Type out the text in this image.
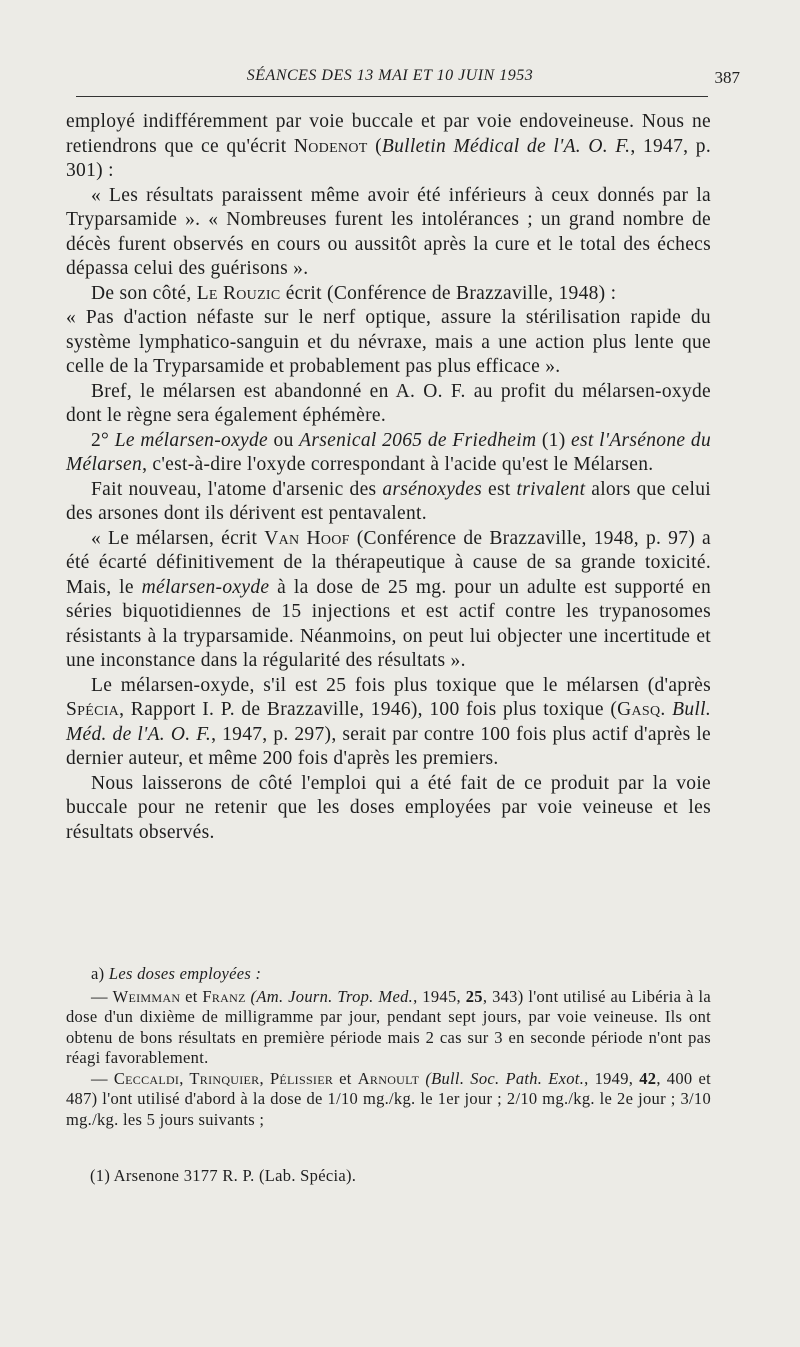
SÉANCES DES 13 MAI ET 10 JUIN 1953	387

employé indifféremment par voie buccale et par voie endoveineuse. Nous ne retiendrons que ce qu'écrit Nodenot (Bulletin Médical de l'A. O. F., 1947, p. 301) :

« Les résultats paraissent même avoir été inférieurs à ceux donnés par la Tryparsamide ». « Nombreuses furent les intolérances ; un grand nombre de décès furent observés en cours ou aussitôt après la cure et le total des échecs dépassa celui des guérisons ».

De son côté, Le Rouzic écrit (Conférence de Brazzaville, 1948) :

« Pas d'action néfaste sur le nerf optique, assure la stérilisation rapide du système lymphatico-sanguin et du névraxe, mais a une action plus lente que celle de la Tryparsamide et probablement pas plus efficace ».

Bref, le mélarsen est abandonné en A. O. F. au profit du mélarsen-oxyde dont le règne sera également éphémère.

2° Le mélarsen-oxyde ou Arsenical 2065 de Friedheim (1) est l'Arsénone du Mélarsen, c'est-à-dire l'oxyde correspondant à l'acide qu'est le Mélarsen.

Fait nouveau, l'atome d'arsenic des arsénoxydes est trivalent alors que celui des arsones dont ils dérivent est pentavalent.

« Le mélarsen, écrit Van Hoof (Conférence de Brazzaville, 1948, p. 97) a été écarté définitivement de la thérapeutique à cause de sa grande toxicité. Mais, le mélarsen-oxyde à la dose de 25 mg. pour un adulte est supporté en séries biquotidiennes de 15 injections et est actif contre les trypanosomes résistants à la tryparsamide. Néanmoins, on peut lui objecter une incertitude et une inconstance dans la régularité des résultats ».

Le mélarsen-oxyde, s'il est 25 fois plus toxique que le mélarsen (d'après Spécia, Rapport I. P. de Brazzaville, 1946), 100 fois plus toxique (Gasq. Bull. Méd. de l'A. O. F., 1947, p. 297), serait par contre 100 fois plus actif d'après le dernier auteur, et même 200 fois d'après les premiers.

Nous laisserons de côté l'emploi qui a été fait de ce produit par la voie buccale pour ne retenir que les doses employées par voie veineuse et les résultats observés.

a) Les doses employées :

— Weimman et Franz (Am. Journ. Trop. Med., 1945, 25, 343) l'ont utilisé au Libéria à la dose d'un dixième de milligramme par jour, pendant sept jours, par voie veineuse. Ils ont obtenu de bons résultats en première période mais 2 cas sur 3 en seconde période n'ont pas réagi favorablement.

— Ceccaldi, Trinquier, Pélissier et Arnoult (Bull. Soc. Path. Exot., 1949, 42, 400 et 487) l'ont utilisé d'abord à la dose de 1/10 mg./kg. le 1er jour ; 2/10 mg./kg. le 2e jour ; 3/10 mg./kg. les 5 jours suivants ;

(1) Arsenone 3177 R. P. (Lab. Spécia).
